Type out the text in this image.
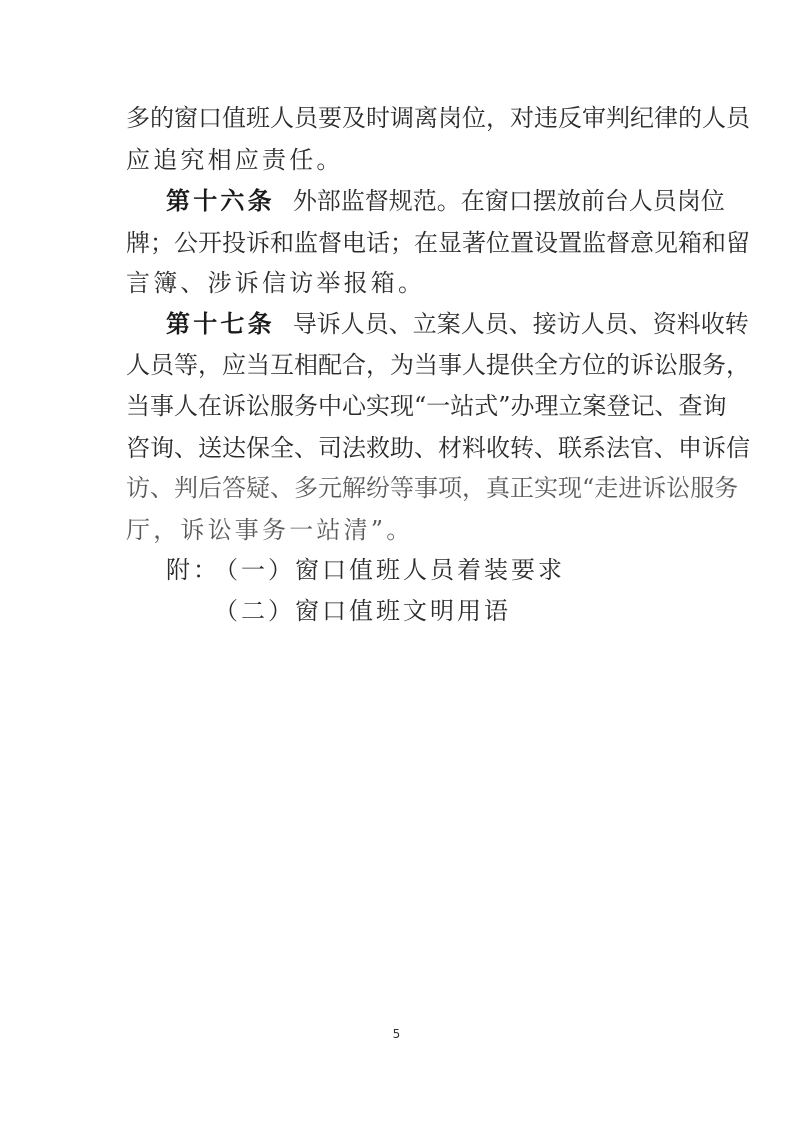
多的窗口值班人员要及时调离岗位，对违反审判纪律的人员
应追究相应责任。
第十六条 外部监督规范。在窗口摆放前台人员岗位
牌；公开投诉和监督电话；在显著位置设置监督意见箱和留
言簿、涉诉信访举报箱。
第十七条 导诉人员、立案人员、接访人员、资料收转
人员等，应当互相配合，为当事人提供全方位的诉讼服务，
当事人在诉讼服务中心实现“一站式”办理立案登记、查询
咨询、送达保全、司法救助、材料收转、联系法官、申诉信
访、判后答疑、多元解纷等事项，真正实现“走进诉讼服务
厅，诉讼事务一站清”。
附：
（一）窗口值班人员着装要求
（二）窗口值班文明用语
5
